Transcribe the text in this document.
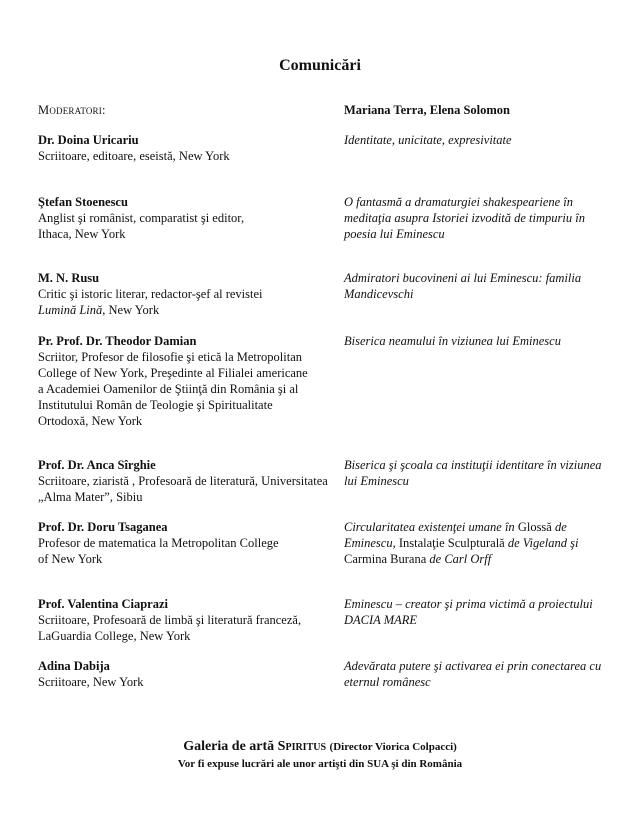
Comunicări
Moderatori:	Mariana Terra, Elena Solomon
Dr. Doina Uricariu
Scriitoare, editoare, eseistă, New York
Identitate, unicitate, expresivitate
Ştefan Stoenescu
Anglist şi românist, comparatist şi editor, Ithaca, New York
O fantasmă a dramaturgiei shakespeariene în meditaţia asupra Istoriei izvodită de timpuriu în poesia lui Eminescu
M. N. Rusu
Critic şi istoric literar, redactor-şef al revistei
Lumină Lină, New York
Admiratori bucovineni ai lui Eminescu: familia Mandicevschi
Pr. Prof. Dr. Theodor Damian
Scriitor, Profesor de filosofie şi etică la Metropolitan College of New York, Preşedinte al Filialei americane a Academiei Oamenilor de Ştiinţă din România şi al Institutului Român de Teologie şi Spiritualitate Ortodoxă, New York
Biserica neamului în viziunea lui Eminescu
Prof. Dr. Anca Sîrghie
Scriitoare, ziaristă , Profesoară de literatură, Universitatea „Alma Mater”, Sibiu
Biserica şi şcoala ca instituţii identitare în viziunea lui Eminescu
Prof. Dr. Doru Tsaganea
Profesor de matematica la Metropolitan College of New York
Circularitatea existenţei umane în Glossă de Eminescu, Instalaţie Sculpturală de Vigeland şi Carmina Burana de Carl Orff
Prof. Valentina Ciaprazi
Scriitoare, Profesoară de limbă şi literatură franceză, LaGuardia College, New York
Eminescu – creator şi prima victimă a proiectului DACIA MARE
Adina Dabija
Scriitoare, New York
Adevărata putere şi activarea ei prin conectarea cu eternul românesc
Galeria de artă Spiritus (Director Viorica Colpacci)
Vor fi expuse lucrări ale unor artişti din SUA şi din România
